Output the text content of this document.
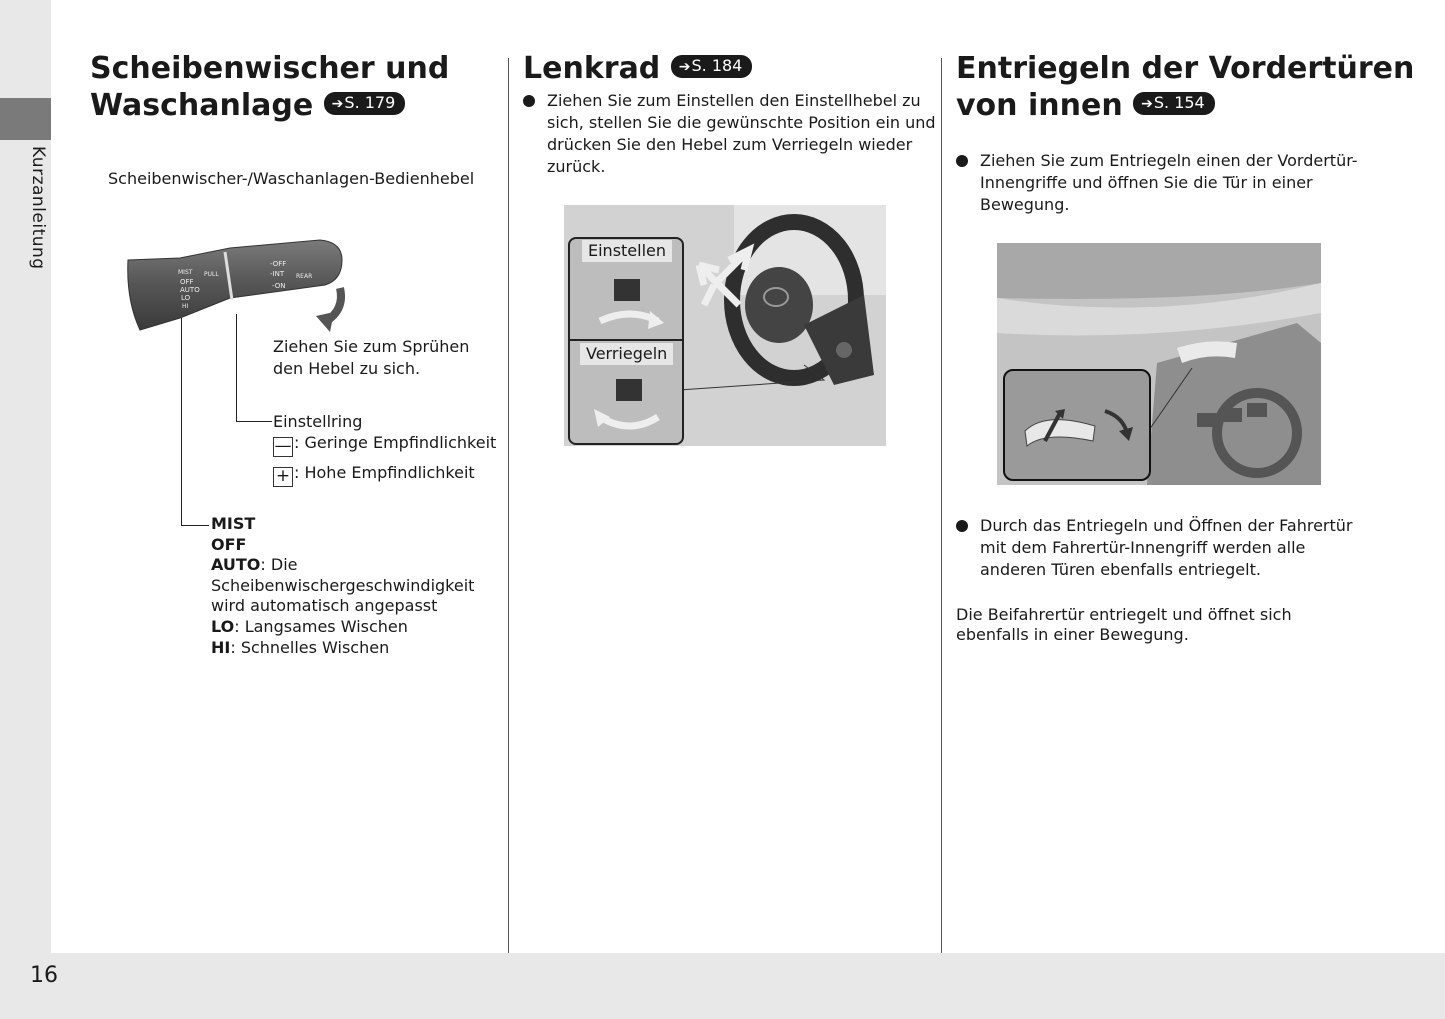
Kurzanleitung
16
Scheibenwischer und
Waschanlage ➔S. 179
Scheibenwischer-/Waschanlagen-Bedienhebel
MIST
OFF
AUTO
LO
HI
PULL
-OFF
-INT
-ON
REAR
Ziehen Sie zum Sprühen
den Hebel zu sich.
Einstellring
— : Geringe Empfindlichkeit
+ : Hohe Empfindlichkeit
MIST
OFF
AUTO: Die
Scheibenwischergeschwindigkeit
wird automatisch angepasst
LO: Langsames Wischen
HI: Schnelles Wischen
Lenkrad ➔S. 184
Ziehen Sie zum Einstellen den Einstellhebel zu
sich, stellen Sie die gewünschte Position ein und
drücken Sie den Hebel zum Verriegeln wieder
zurück.
Einstellen
Verriegeln
Entriegeln der Vordertüren
von innen ➔S. 154
Ziehen Sie zum Entriegeln einen der Vordertür-
Innengriffe und öffnen Sie die Tür in einer
Bewegung.
Durch das Entriegeln und Öffnen der Fahrertür
mit dem Fahrertür-Innengriff werden alle
anderen Türen ebenfalls entriegelt.
Die Beifahrertür entriegelt und öffnet sich
ebenfalls in einer Bewegung.
